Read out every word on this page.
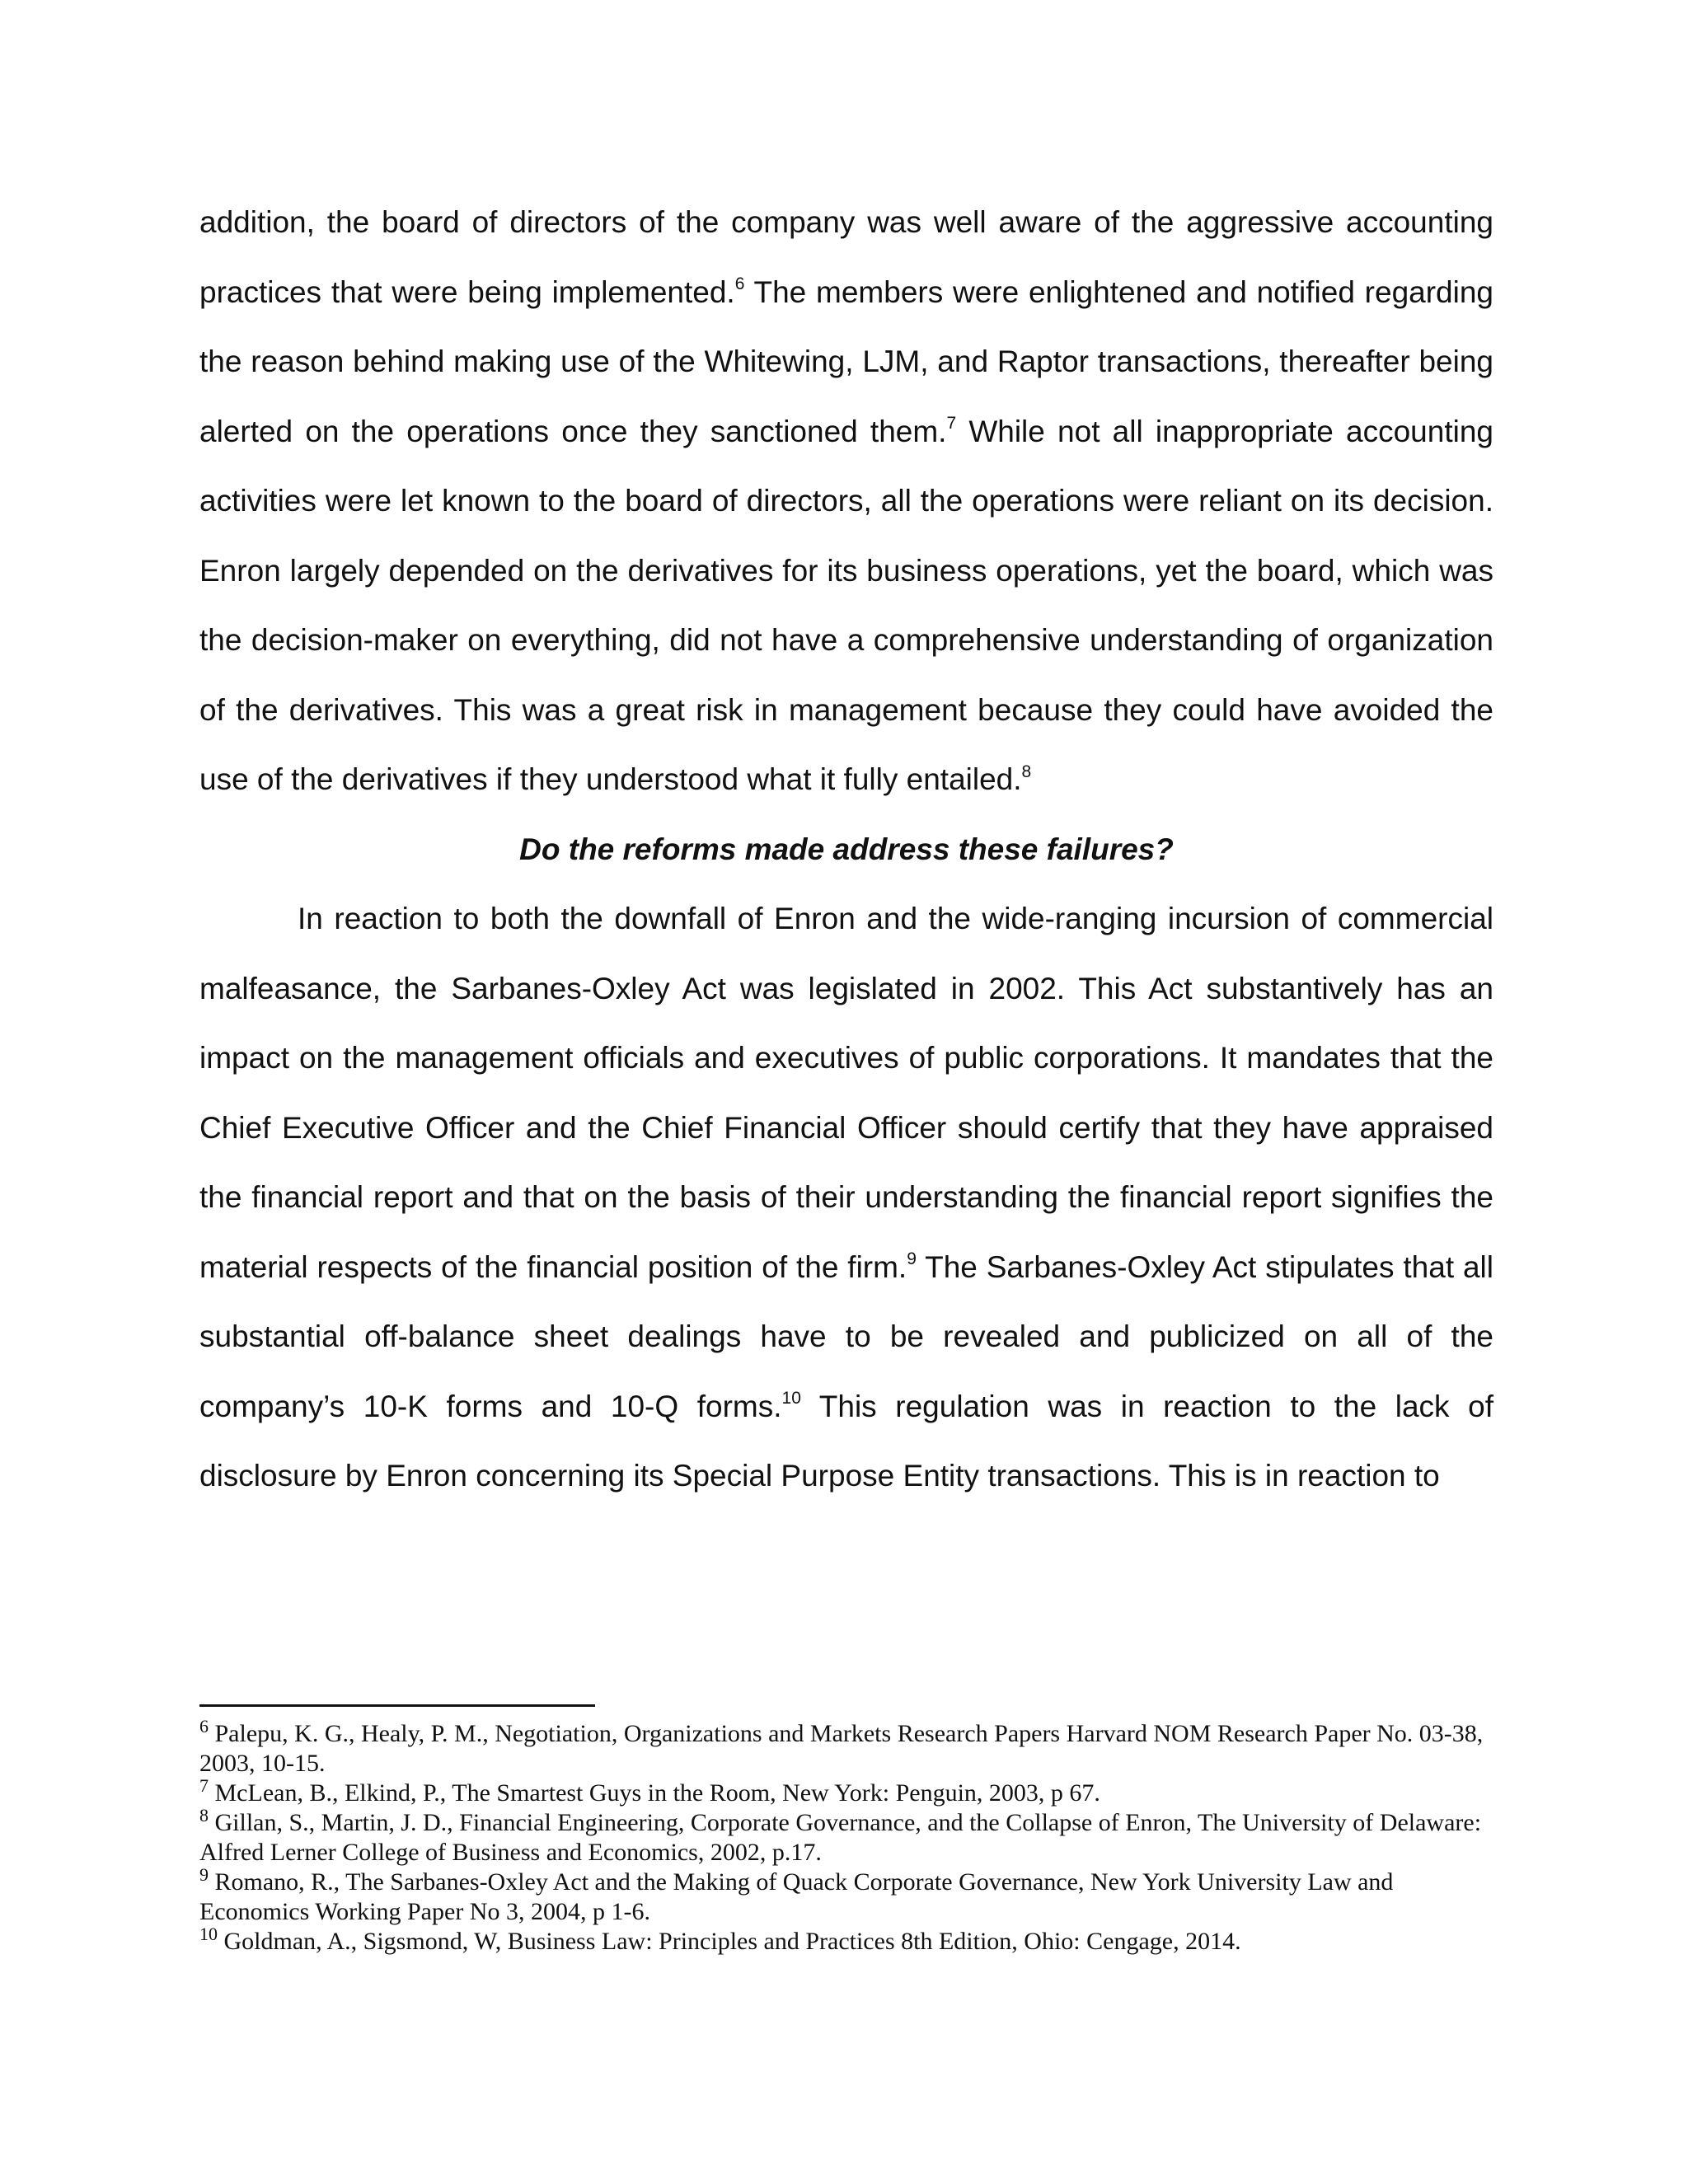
addition, the board of directors of the company was well aware of the aggressive accounting practices that were being implemented.$^6$ The members were enlightened and notified regarding the reason behind making use of the Whitewing, LJM, and Raptor transactions, thereafter being alerted on the operations once they sanctioned them.$^7$ While not all inappropriate accounting activities were let known to the board of directors, all the operations were reliant on its decision. Enron largely depended on the derivatives for its business operations, yet the board, which was the decision-maker on everything, did not have a comprehensive understanding of organization of the derivatives. This was a great risk in management because they could have avoided the use of the derivatives if they understood what it fully entailed.$^8$

Do the reforms made address these failures?

In reaction to both the downfall of Enron and the wide-ranging incursion of commercial malfeasance, the Sarbanes-Oxley Act was legislated in 2002. This Act substantively has an impact on the management officials and executives of public corporations. It mandates that the Chief Executive Officer and the Chief Financial Officer should certify that they have appraised the financial report and that on the basis of their understanding the financial report signifies the material respects of the financial position of the firm.$^9$ The Sarbanes-Oxley Act stipulates that all substantial off-balance sheet dealings have to be revealed and publicized on all of the company’s 10-K forms and 10-Q forms.$^{10}$ This regulation was in reaction to the lack of disclosure by Enron concerning its Special Purpose Entity transactions. This is in reaction to

$^6$ Palepu, K. G., Healy, P. M., Negotiation, Organizations and Markets Research Papers Harvard NOM Research Paper No. 03-38, 2003, 10-15.

$^7$ McLean, B., Elkind, P., The Smartest Guys in the Room, New York: Penguin, 2003, p 67.

$^8$ Gillan, S., Martin, J. D., Financial Engineering, Corporate Governance, and the Collapse of Enron, The University of Delaware: Alfred Lerner College of Business and Economics, 2002, p.17.

$^9$ Romano, R., The Sarbanes-Oxley Act and the Making of Quack Corporate Governance, New York University Law and Economics Working Paper No 3, 2004, p 1-6.

$^{10}$ Goldman, A., Sigsmond, W, Business Law: Principles and Practices 8th Edition, Ohio: Cengage, 2014.
